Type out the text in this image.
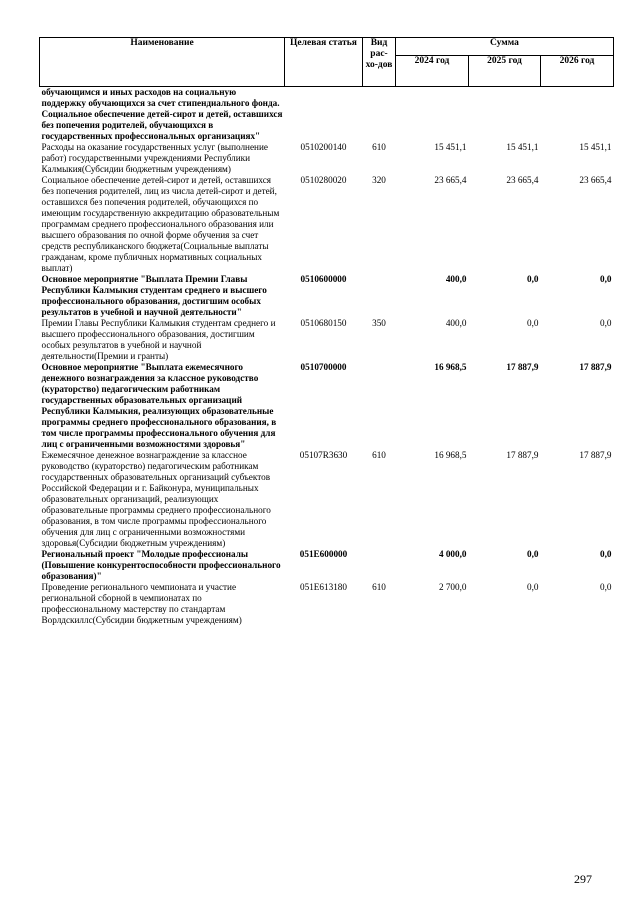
Наименование	Целевая статья	Вид рас-хо-дов	Сумма		
			2024 год	2025 год	2026 год
обучающимся и иных расходов на социальную поддержку обучающихся за счет стипендиального фонда. Социальное обеспечение детей-сирот и детей, оставшихся без попечения родителей, обучающихся в государственных профессиональных организациях"					
Расходы на оказание государственных услуг (выполнение работ) государственными учреждениями Республики Калмыкия(Субсидии бюджетным учреждениям)	0510200140	610	15 451,1	15 451,1	15 451,1
Социальное обеспечение детей-сирот и детей, оставшихся без попечения родителей, лиц из числа детей-сирот и детей, оставшихся без попечения родителей, обучающихся по имеющим государственную аккредитацию образовательным программам среднего профессионального образования или высшего образования по очной форме обучения за счет средств республиканского бюджета(Социальные выплаты гражданам, кроме публичных нормативных социальных выплат)	0510280020	320	23 665,4	23 665,4	23 665,4
Основное мероприятие "Выплата Премии Главы Республики Калмыкия студентам среднего и высшего профессионального образования, достигшим особых результатов в учебной и научной деятельности"	0510600000		400,0	0,0	0,0
Премии Главы Республики Калмыкия студентам среднего и высшего профессионального образования, достигшим особых результатов в учебной и научной деятельности(Премии и гранты)	0510680150	350	400,0	0,0	0,0
Основное мероприятие "Выплата ежемесячного денежного вознаграждения за классное руководство (кураторство) педагогическим работникам государственных образовательных организаций Республики Калмыкия, реализующих образовательные программы среднего профессионального образования, в том числе программы профессионального обучения для лиц с ограниченными возможностями здоровья"	0510700000		16 968,5	17 887,9	17 887,9
Ежемесячное денежное вознаграждение за классное руководство (кураторство) педагогическим работникам государственных образовательных организаций субъектов Российской Федерации и г. Байконура, муниципальных образовательных организаций, реализующих образовательные программы среднего профессионального образования, в том числе программы профессионального обучения для лиц с ограниченными возможностями здоровья(Субсидии бюджетным учреждениям)	05107R3630	610	16 968,5	17 887,9	17 887,9
Региональный проект "Молодые профессионалы (Повышение конкурентоспособности профессионального образования)"	051E600000		4 000,0	0,0	0,0
Проведение регионального чемпионата и участие региональной сборной в чемпионатах по профессиональному мастерству по стандартам Ворлдскиллс(Субсидии бюджетным учреждениям)	051E613180	610	2 700,0	0,0	0,0
297
